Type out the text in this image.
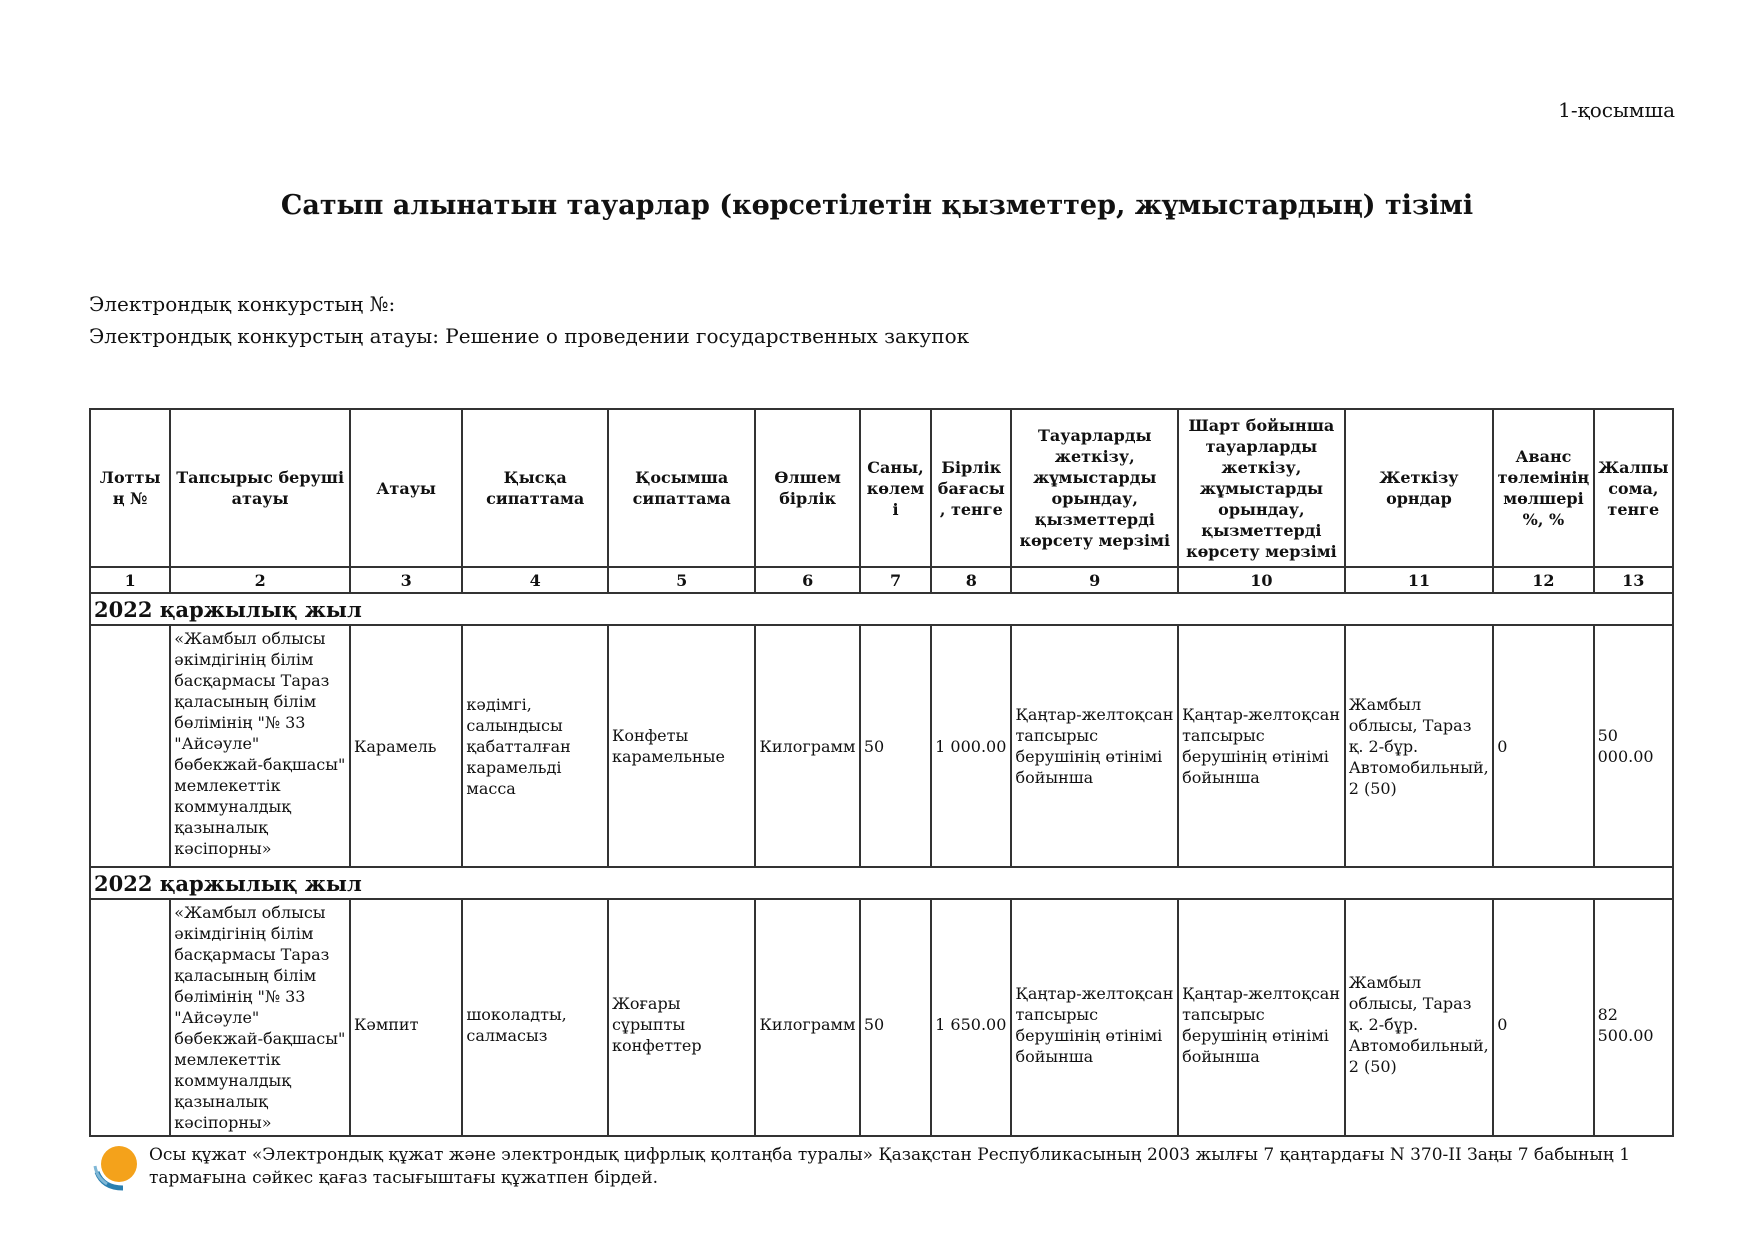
1-қосымша
Сатып алынатын тауарлар (көрсетілетін қызметтер, жұмыстардың) тізімі
Электрондық конкурстың №:
Электрондық конкурстың атауы: Решение о проведении государственных закупок
Лоттың №	Тапсырыс беруші атауы	Атауы	Қысқа сипаттама	Қосымша сипаттама	Өлшем бірлік	Саны, көлемі	Бірлік бағасы, тенге	Тауарларды жеткізу, жұмыстарды орындау, қызметтерді көрсету мерзімі	Шарт бойынша тауарларды жеткізу, жұмыстарды орындау, қызметтерді көрсету мерзімі	Жеткізу орндар	Аванс төлемінің мөлшері %, %	Жалпы сома, тенге
1	2	3	4	5	6	7	8	9	10	11	12	13
2022 қаржылық жыл												
	«Жамбыл облысы әкімдігінің білім басқармасы Тараз қаласының білім бөлімінің "№ 33 "Айсәуле" бөбекжай-бақшасы" мемлекеттік коммуналдық қазыналық кәсіпорны»	Карамель	кәдімгі, салындысы қабатталған карамельді масса	Конфеты карамельные	Килограмм	50	1 000.00	Қаңтар-желтоқсан тапсырыс берушінің өтінімі бойынша	Қаңтар-желтоқсан тапсырыс берушінің өтінімі бойынша	Жамбыл облысы, Тараз қ. 2-бұр. Автомобильный, 2 (50)	0	50 000.00
2022 қаржылық жыл												
	«Жамбыл облысы әкімдігінің білім басқармасы Тараз қаласының білім бөлімінің "№ 33 "Айсәуле" бөбекжай-бақшасы" мемлекеттік коммуналдық қазыналық кәсіпорны»	Кәмпит	шоколадты, салмасыз	Жоғары сұрыпты конфеттер	Килограмм	50	1 650.00	Қаңтар-желтоқсан тапсырыс берушінің өтінімі бойынша	Қаңтар-желтоқсан тапсырыс берушінің өтінімі бойынша	Жамбыл облысы, Тараз қ. 2-бұр. Автомобильный, 2 (50)	0	82 500.00
Осы құжат «Электрондық құжат және электрондық цифрлық қолтаңба туралы» Қазақстан Республикасының 2003 жылғы 7 қаңтардағы N 370-II Заңы 7 бабының 1 тармағына сәйкес қағаз тасығыштағы құжатпен бірдей.
